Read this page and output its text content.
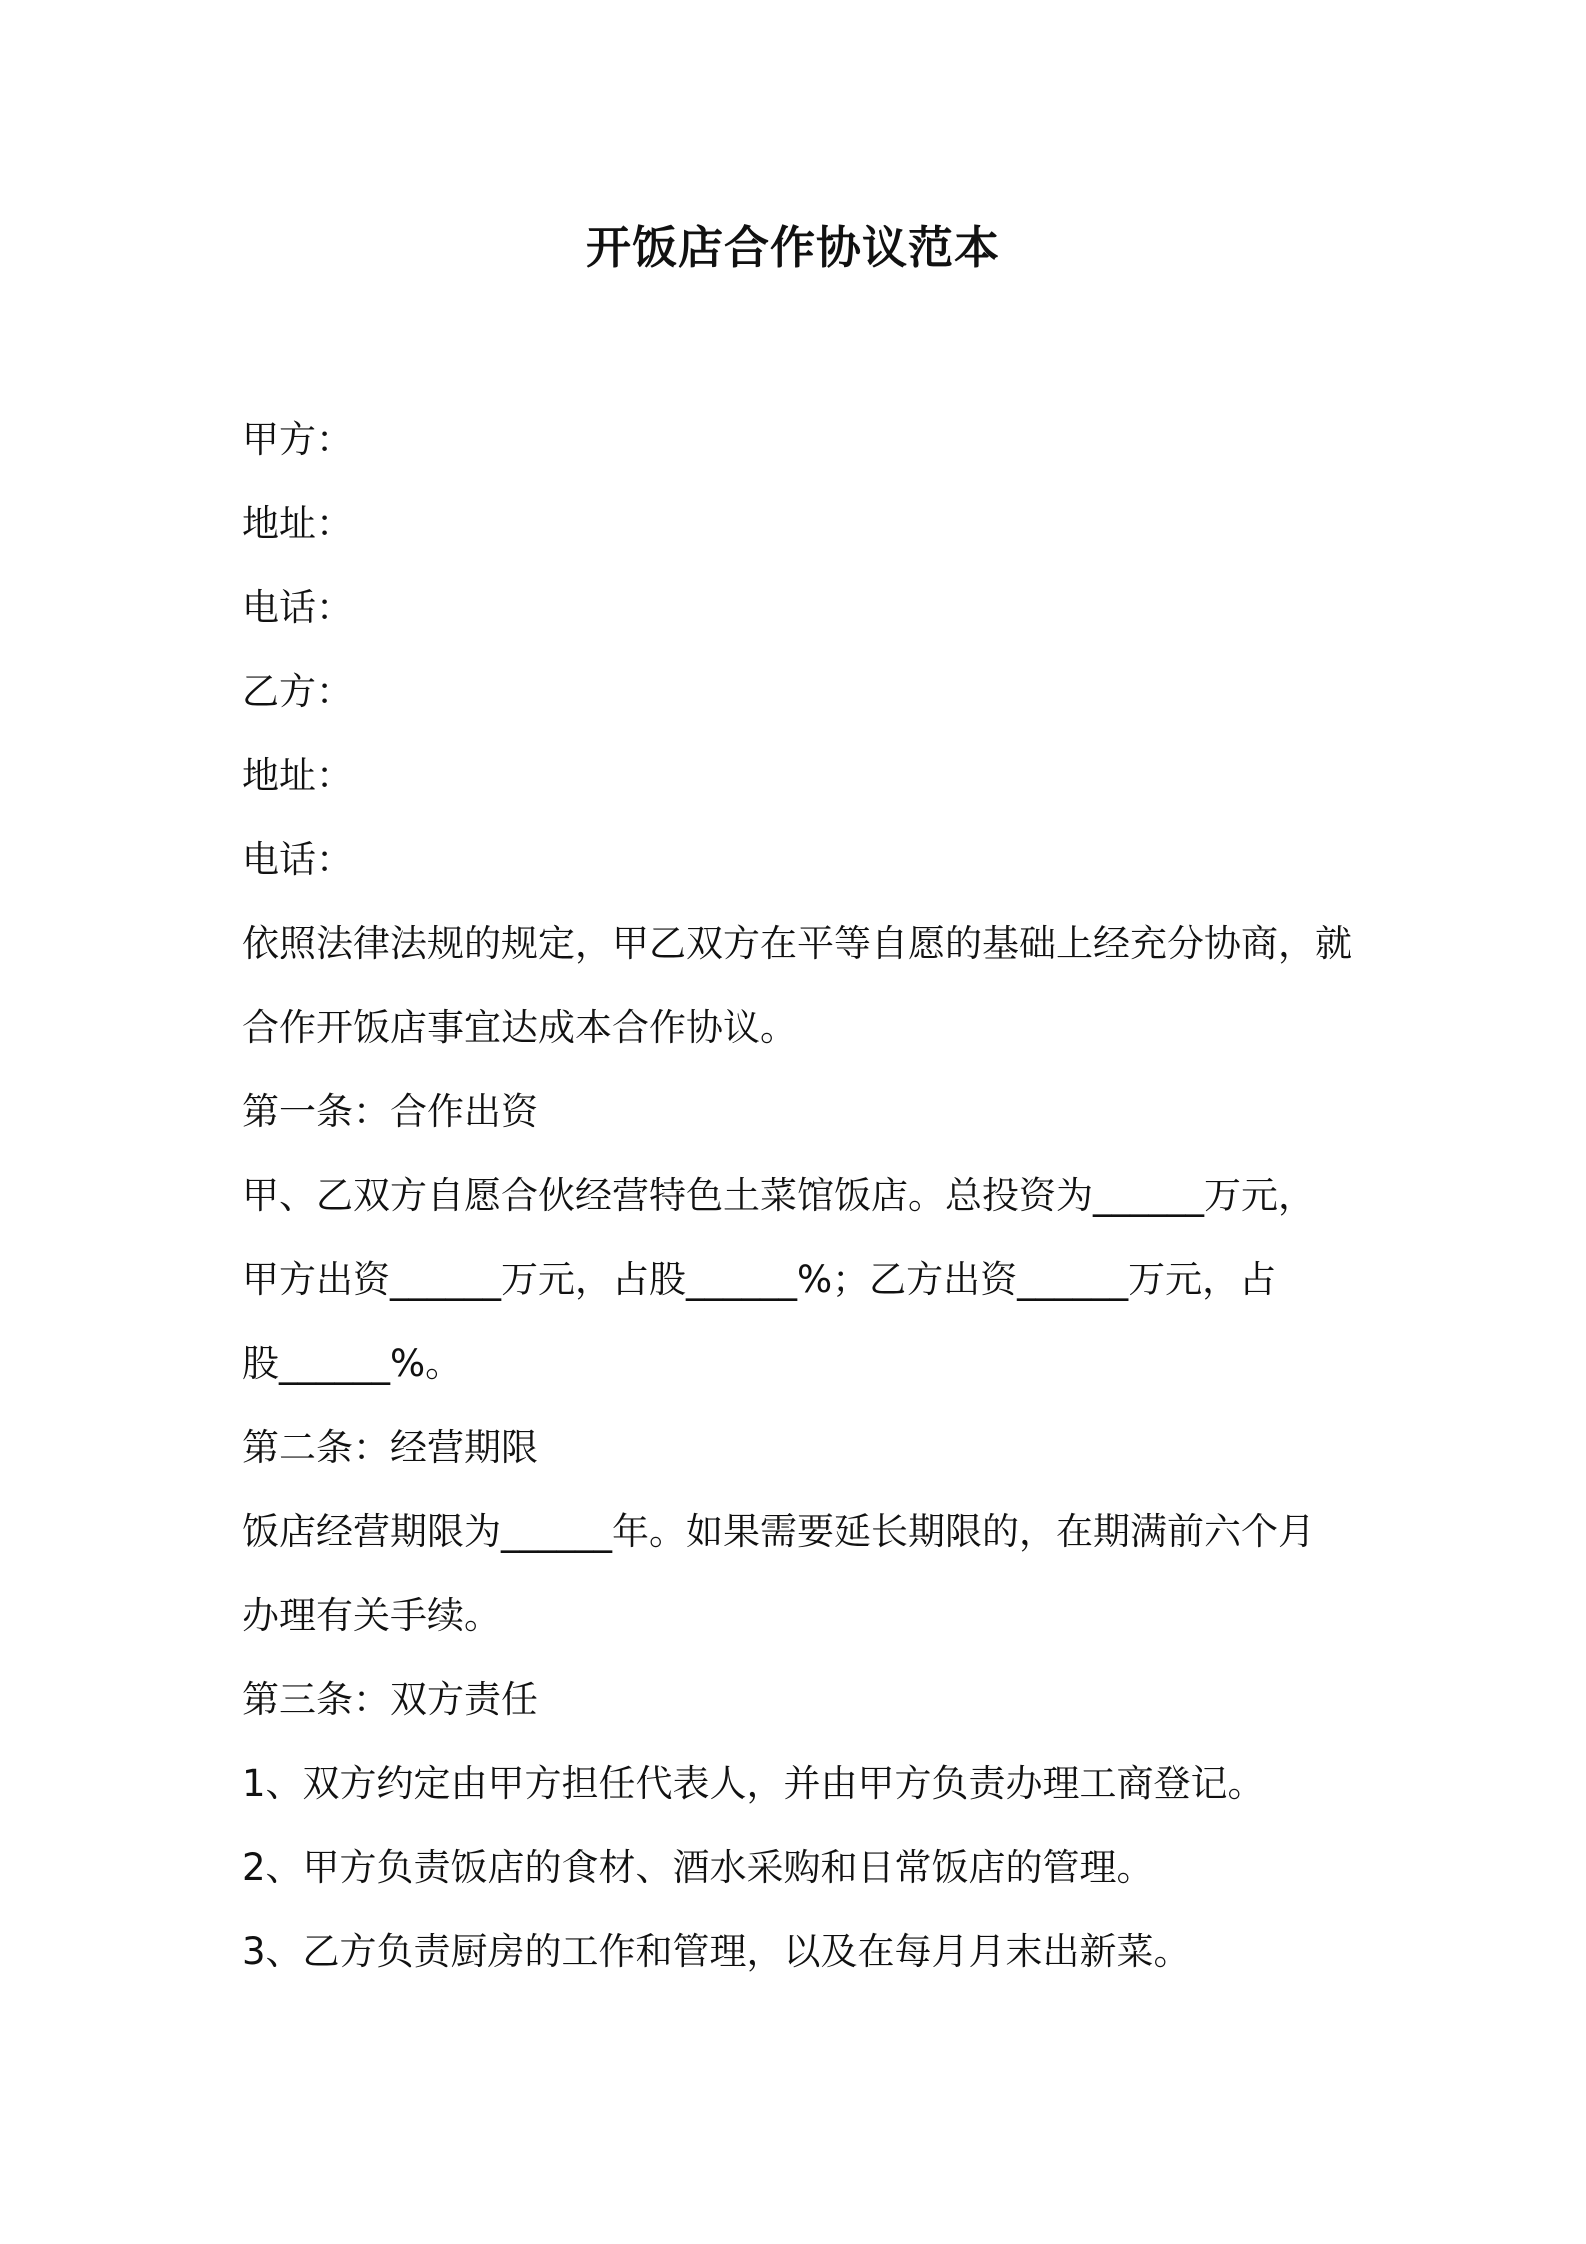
开饭店合作协议范本
甲方：
地址：
电话：
乙方：
地址：
电话：
依照法律法规的规定，甲乙双方在平等自愿的基础上经充分协商，就
合作开饭店事宜达成本合作协议。
第一条：合作出资
甲、乙双方自愿合伙经营特色土菜馆饭店。总投资为______万元，
甲方出资______万元，占股______%；乙方出资______万元，占
股______%。
第二条：经营期限
饭店经营期限为______年。如果需要延长期限的，在期满前六个月
办理有关手续。
第三条：双方责任
1、双方约定由甲方担任代表人，并由甲方负责办理工商登记。
2、甲方负责饭店的食材、酒水采购和日常饭店的管理。
3、乙方负责厨房的工作和管理，以及在每月月末出新菜。
